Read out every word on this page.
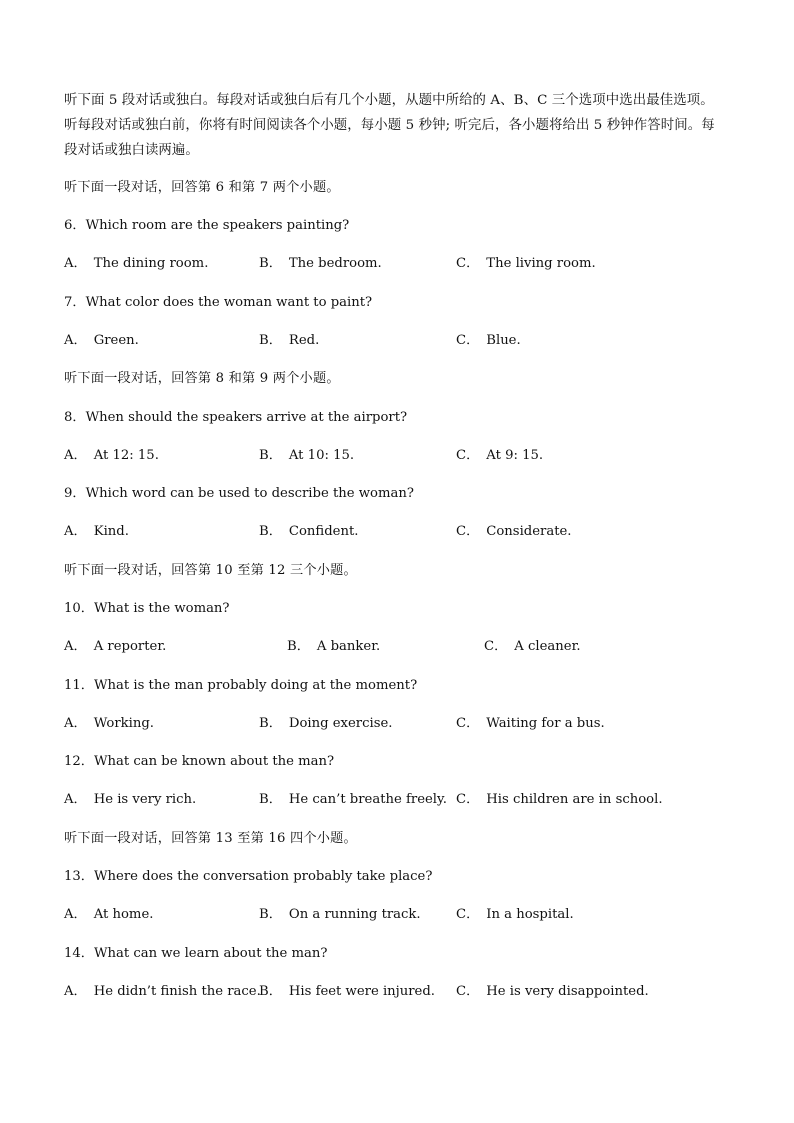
听下面 5 段对话或独白。每段对话或独白后有几个小题，从题中所给的 A、B、C 三个选项中选出最佳选项。

听每段对话或独白前，你将有时间阅读各个小题，每小题 5 秒钟; 听完后，各小题将给出 5 秒钟作答时间。每

段对话或独白读两遍。

听下面一段对话，回答第 6 和第 7 两个小题。
6．Which room are the speakers painting?
A． The dining room.	B． The bedroom.	C． The living room.
7．What color does the woman want to paint?
A． Green.	B． Red.	C． Blue.
听下面一段对话，回答第 8 和第 9 两个小题。
8．When should the speakers arrive at the airport?
A． At 12: 15.	B． At 10: 15.	C． At 9: 15.
9．Which word can be used to describe the woman?
A． Kind.	B． Confident.	C． Considerate.
听下面一段对话，回答第 10 至第 12 三个小题。
10．What is the woman?
A． A reporter.	B． A banker.	C． A cleaner.
11．What is the man probably doing at the moment?
A． Working.	B． Doing exercise.	C． Waiting for a bus.
12．What can be known about the man?
A． He is very rich.	B． He can’t breathe freely. C． His children are in school.
听下面一段对话，回答第 13 至第 16 四个小题。
13．Where does the conversation probably take place?
A． At home.	B． On a running track.	C． In a hospital.
14．What can we learn about the man?
A． He didn’t finish the race.
B． His feet were injured. C． He is very disappointed.
